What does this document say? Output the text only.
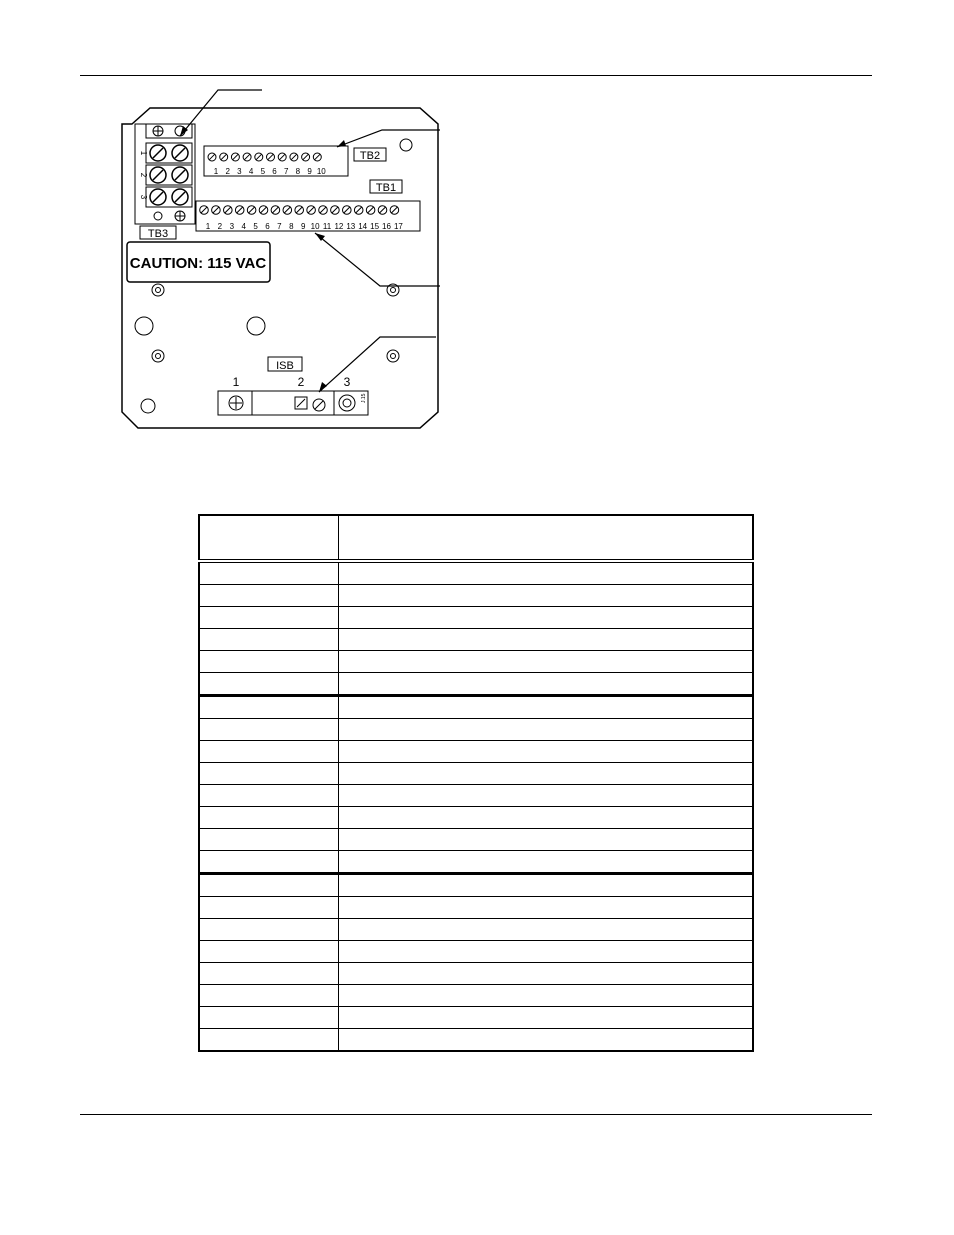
1
2
3
TB3
1 2 3 4 5 6 7 8 9 10
TB2
TB1
1 2 3 4 5 6 7 8 9 10 11 12 13 14 15 16 17
CAUTION: 115 VAC
ISB
1	2	3
J.15
